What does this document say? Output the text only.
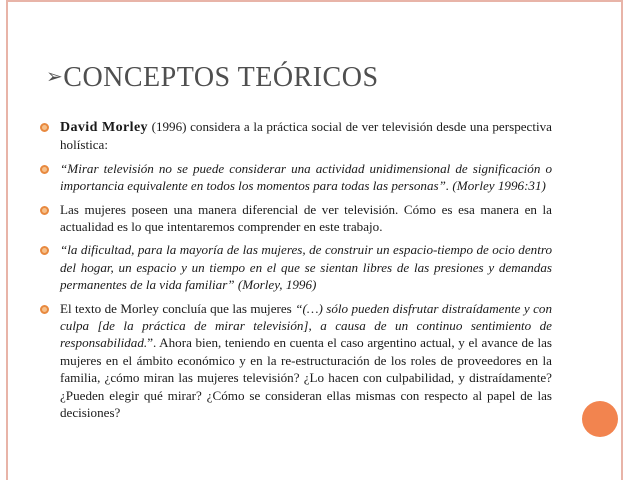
➢CONCEPTOS TEÓRICOS
David Morley (1996) considera a la práctica social de ver televisión desde una perspectiva holística:
“Mirar televisión no se puede considerar una actividad unidimensional de significación o importancia equivalente en todos los momentos para todas las personas”. (Morley 1996:31)
Las mujeres poseen una manera diferencial de ver televisión. Cómo es esa manera en la actualidad es lo que intentaremos comprender en este trabajo.
“la dificultad, para la mayoría de las mujeres, de construir un espacio-tiempo de ocio dentro del hogar, un espacio y un tiempo en el que se sientan libres de las presiones y demandas permanentes de la vida familiar” (Morley, 1996)
El texto de Morley concluía que las mujeres “(…) sólo pueden disfrutar distraídamente y con culpa [de la práctica de mirar televisión], a causa de un continuo sentimiento de responsabilidad.”. Ahora bien, teniendo en cuenta el caso argentino actual, y el avance de las mujeres en el ámbito económico y en la re-estructuración de los roles de proveedores en la familia, ¿cómo miran las mujeres televisión? ¿Lo hacen con culpabilidad, y distraídamente? ¿Pueden elegir qué mirar? ¿Cómo se consideran ellas mismas con respecto al papel de las decisiones?
